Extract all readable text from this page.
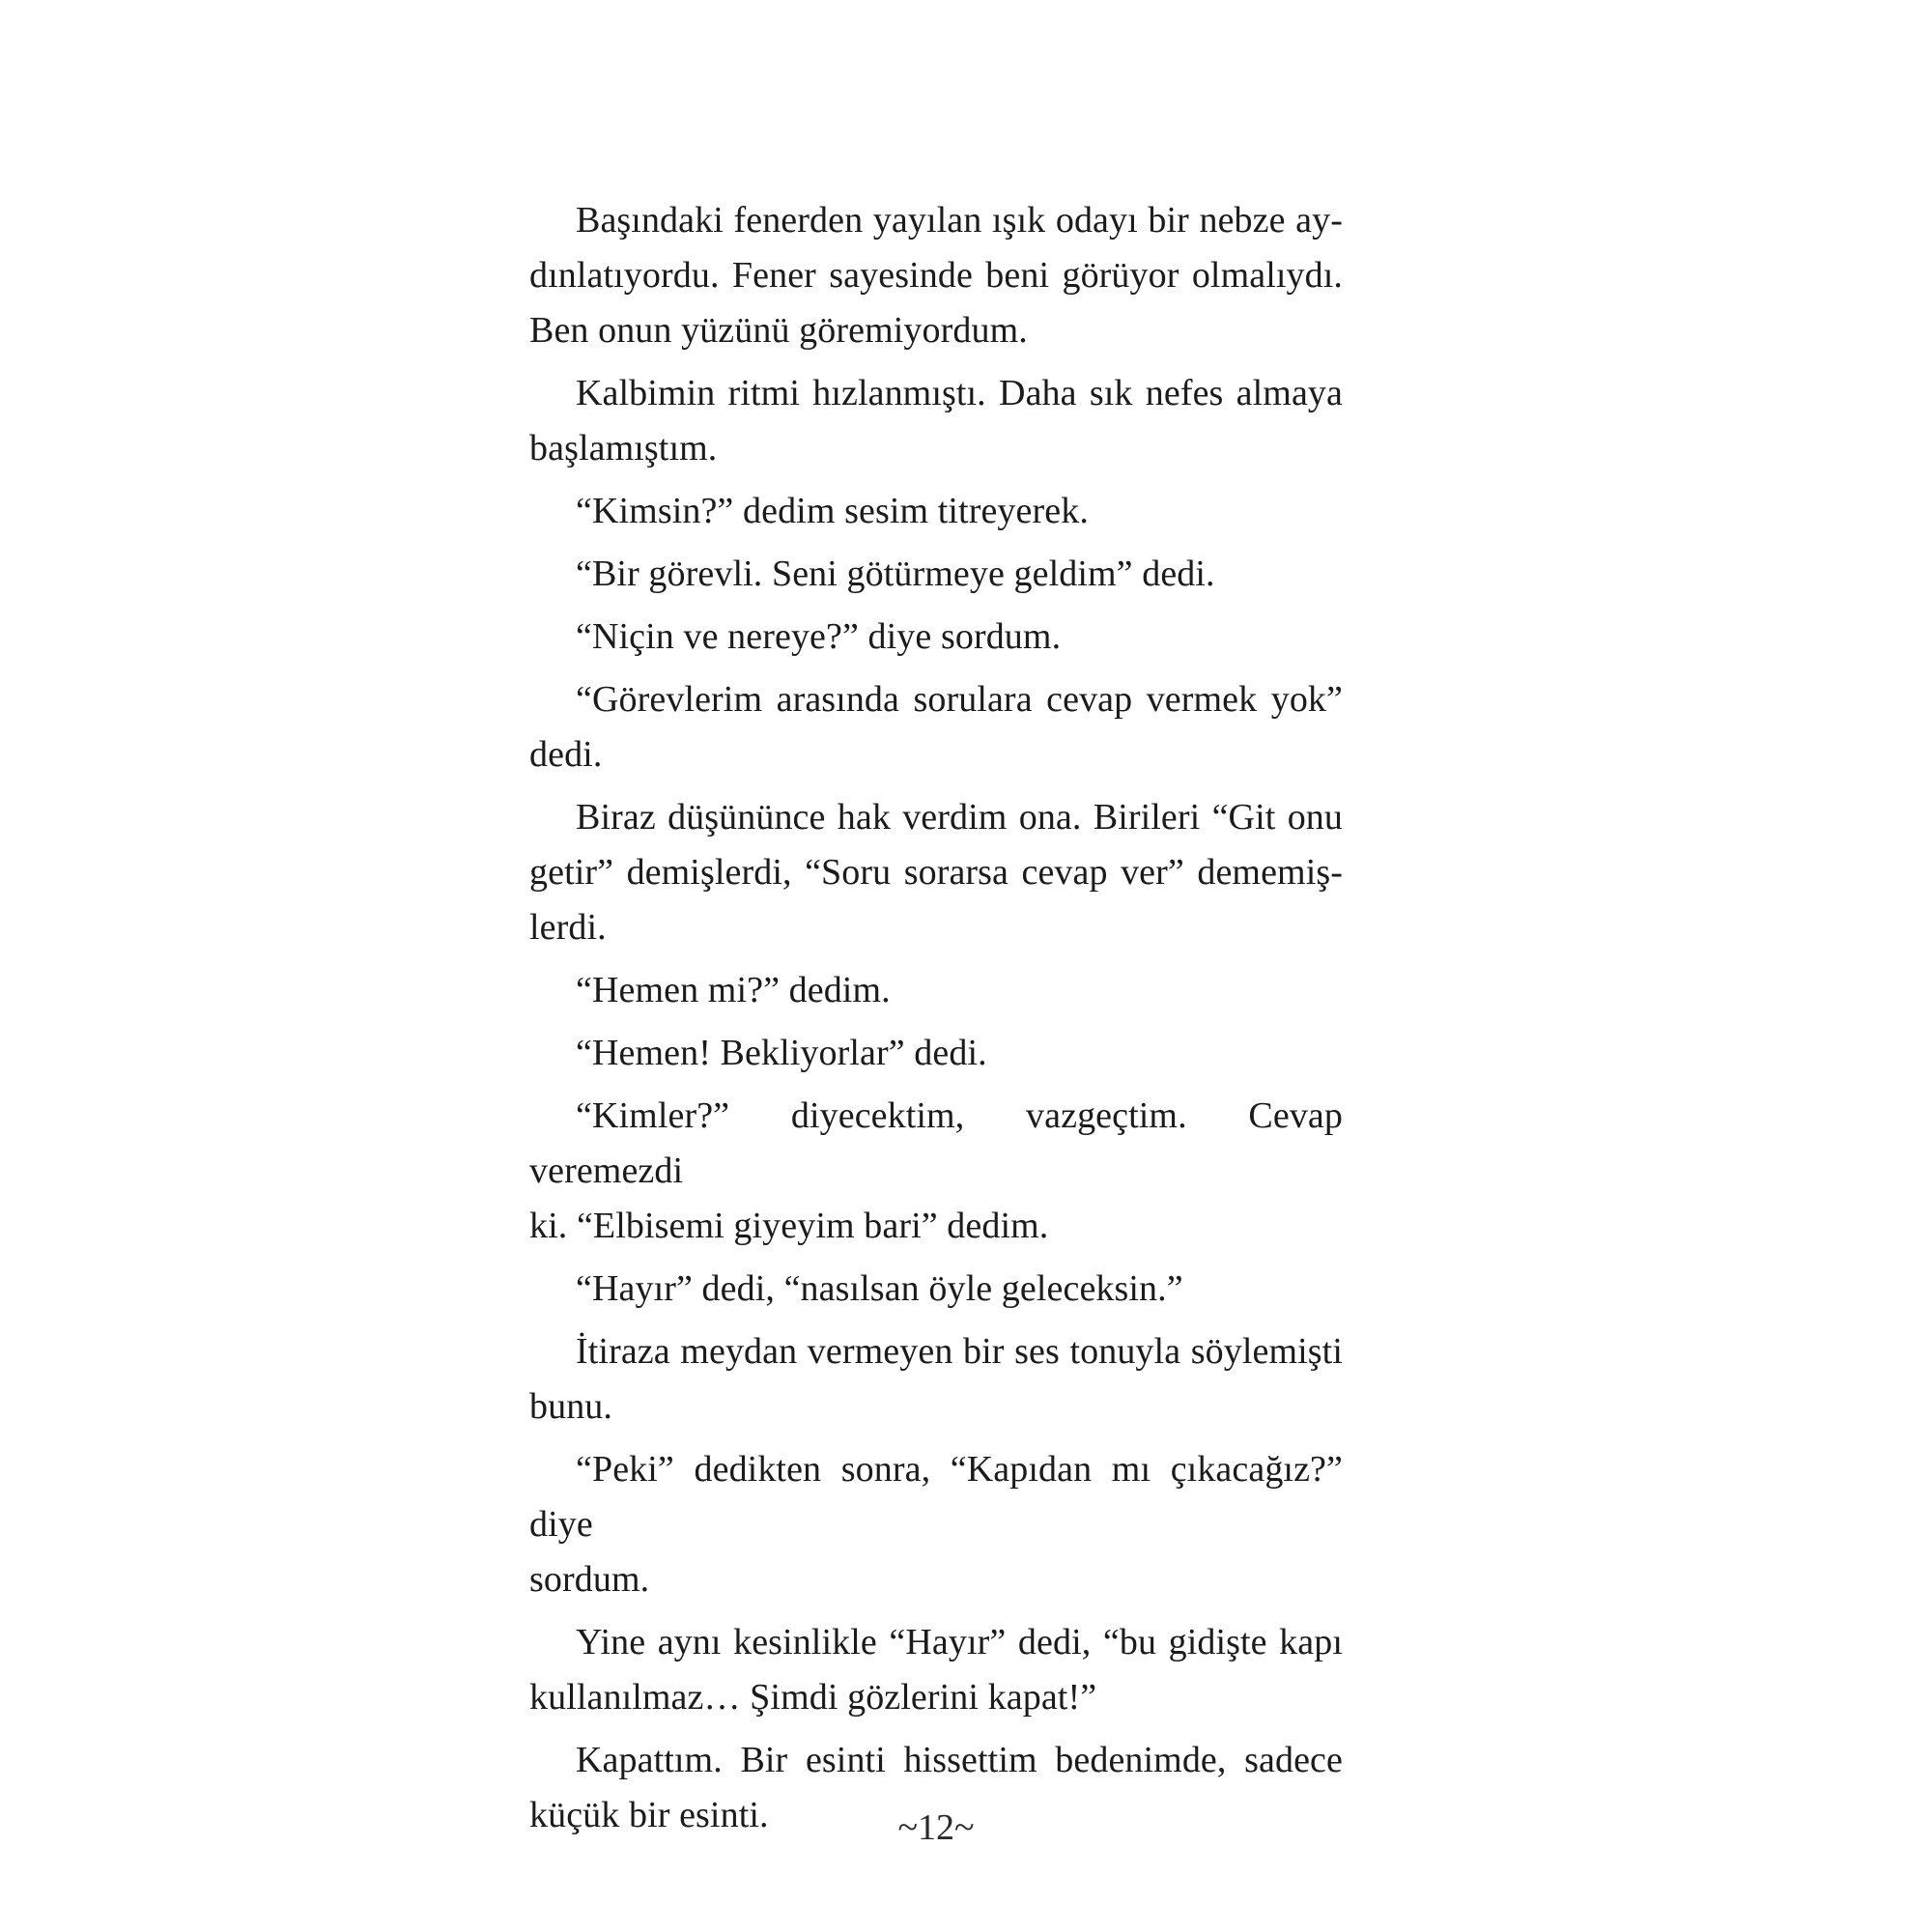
Başındaki fenerden yayılan ışık odayı bir nebze ay-
dınlatıyordu. Fener sayesinde beni görüyor olmalıydı.
Ben onun yüzünü göremiyordum.

Kalbimin ritmi hızlanmıştı. Daha sık nefes almaya
başlamıştım.

“Kimsin?” dedim sesim titreyerek.

“Bir görevli. Seni götürmeye geldim” dedi.

“Niçin ve nereye?” diye sordum.

“Görevlerim arasında sorulara cevap vermek yok”
dedi.

Biraz düşününce hak verdim ona. Birileri “Git onu
getir” demişlerdi, “Soru sorarsa cevap ver” dememiş-
lerdi.

“Hemen mi?” dedim.

“Hemen! Bekliyorlar” dedi.

“Kimler?” diyecektim, vazgeçtim. Cevap veremezdi
ki. “Elbisemi giyeyim bari” dedim.

“Hayır” dedi, “nasılsan öyle geleceksin.”

İtiraza meydan vermeyen bir ses tonuyla söylemişti
bunu.

“Peki” dedikten sonra, “Kapıdan mı çıkacağız?” diye
sordum.

Yine aynı kesinlikle “Hayır” dedi, “bu gidişte kapı
kullanılmaz… Şimdi gözlerini kapat!”

Kapattım. Bir esinti hissettim bedenimde, sadece
küçük bir esinti.	~12~
